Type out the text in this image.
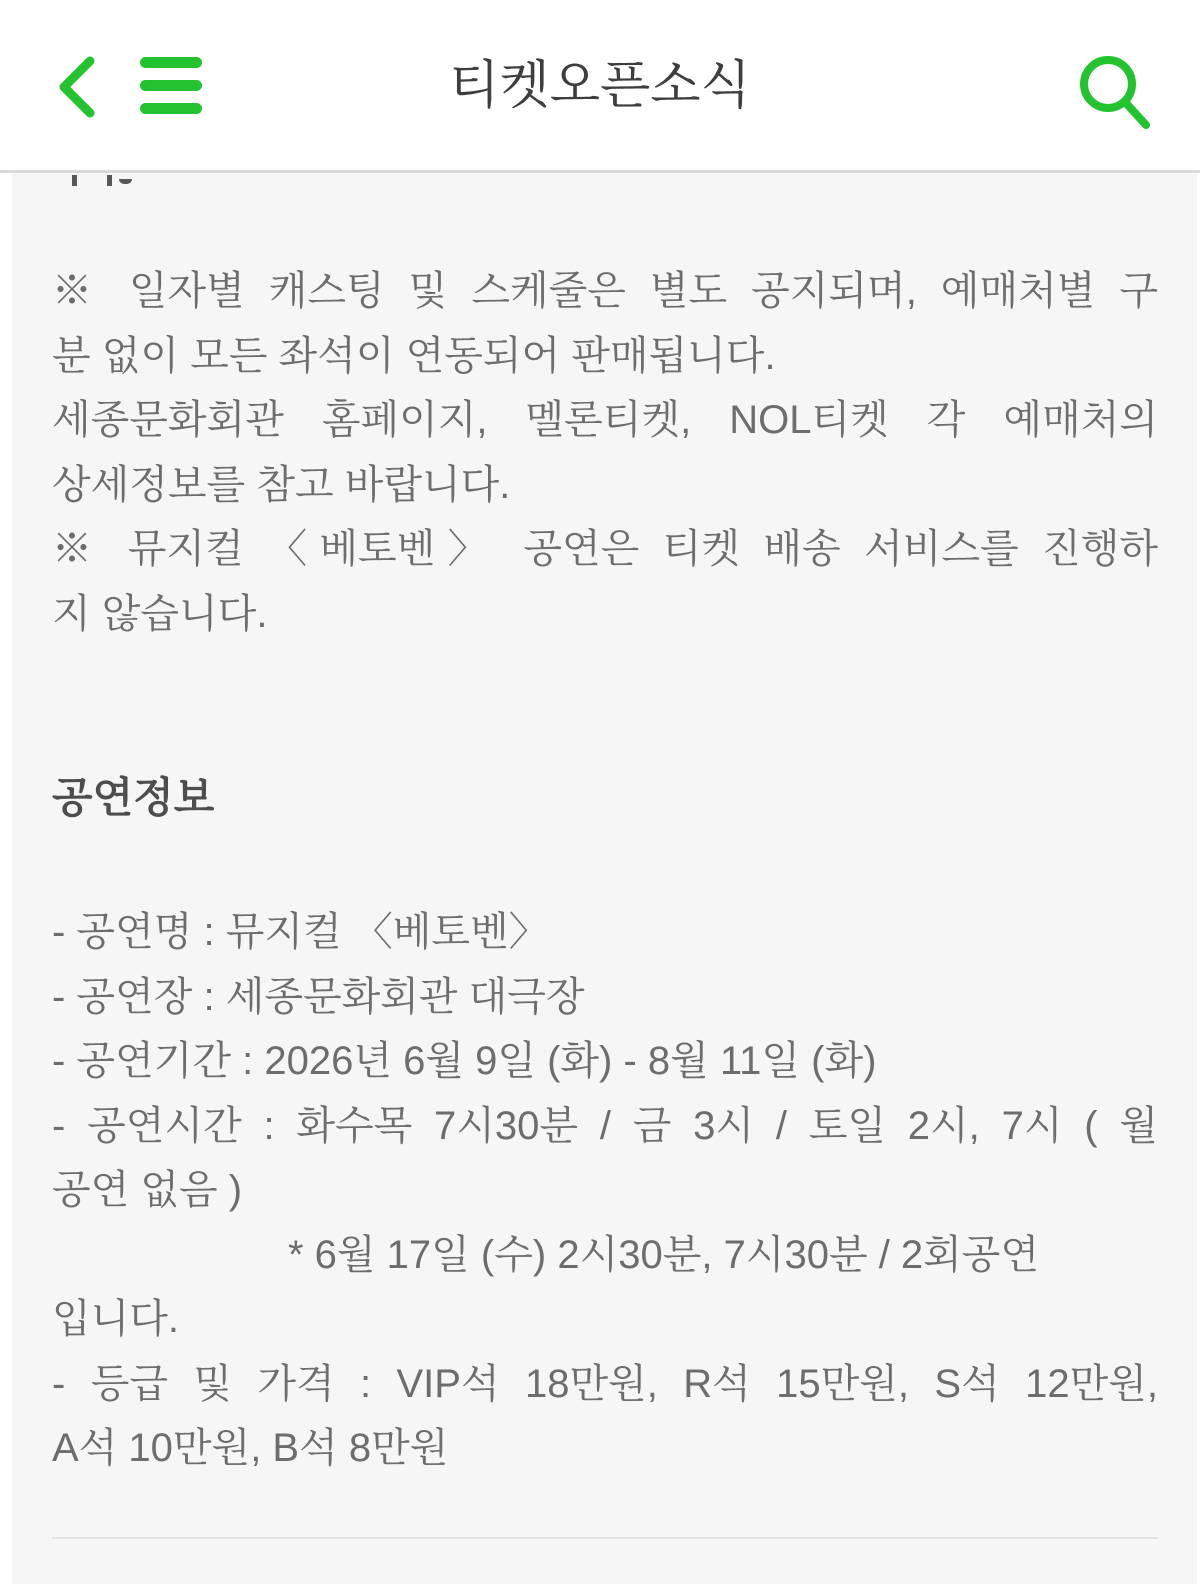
티켓오픈소식
※ 일자별 캐스팅 및 스케줄은 별도 공지되며, 예매처별 구
분 없이 모든 좌석이 연동되어 판매됩니다.
세종문화회관 홈페이지, 멜론티켓, NOL티켓 각 예매처의
상세정보를 참고 바랍니다.
※ 뮤지컬 〈베토벤〉 공연은 티켓 배송 서비스를 진행하
지 않습니다.
공연정보
- 공연명 : 뮤지컬 〈베토벤〉
- 공연장 : 세종문화회관 대극장
- 공연기간 : 2026년 6월 9일 (화) - 8월 11일 (화)
- 공연시간 : 화수목 7시30분 / 금 3시 / 토일 2시, 7시 ( 월
공연 없음 )
* 6월 17일 (수) 2시30분, 7시30분 / 2회공연
입니다.
- 등급 및 가격 : VIP석 18만원, R석 15만원, S석 12만원,
A석 10만원, B석 8만원
